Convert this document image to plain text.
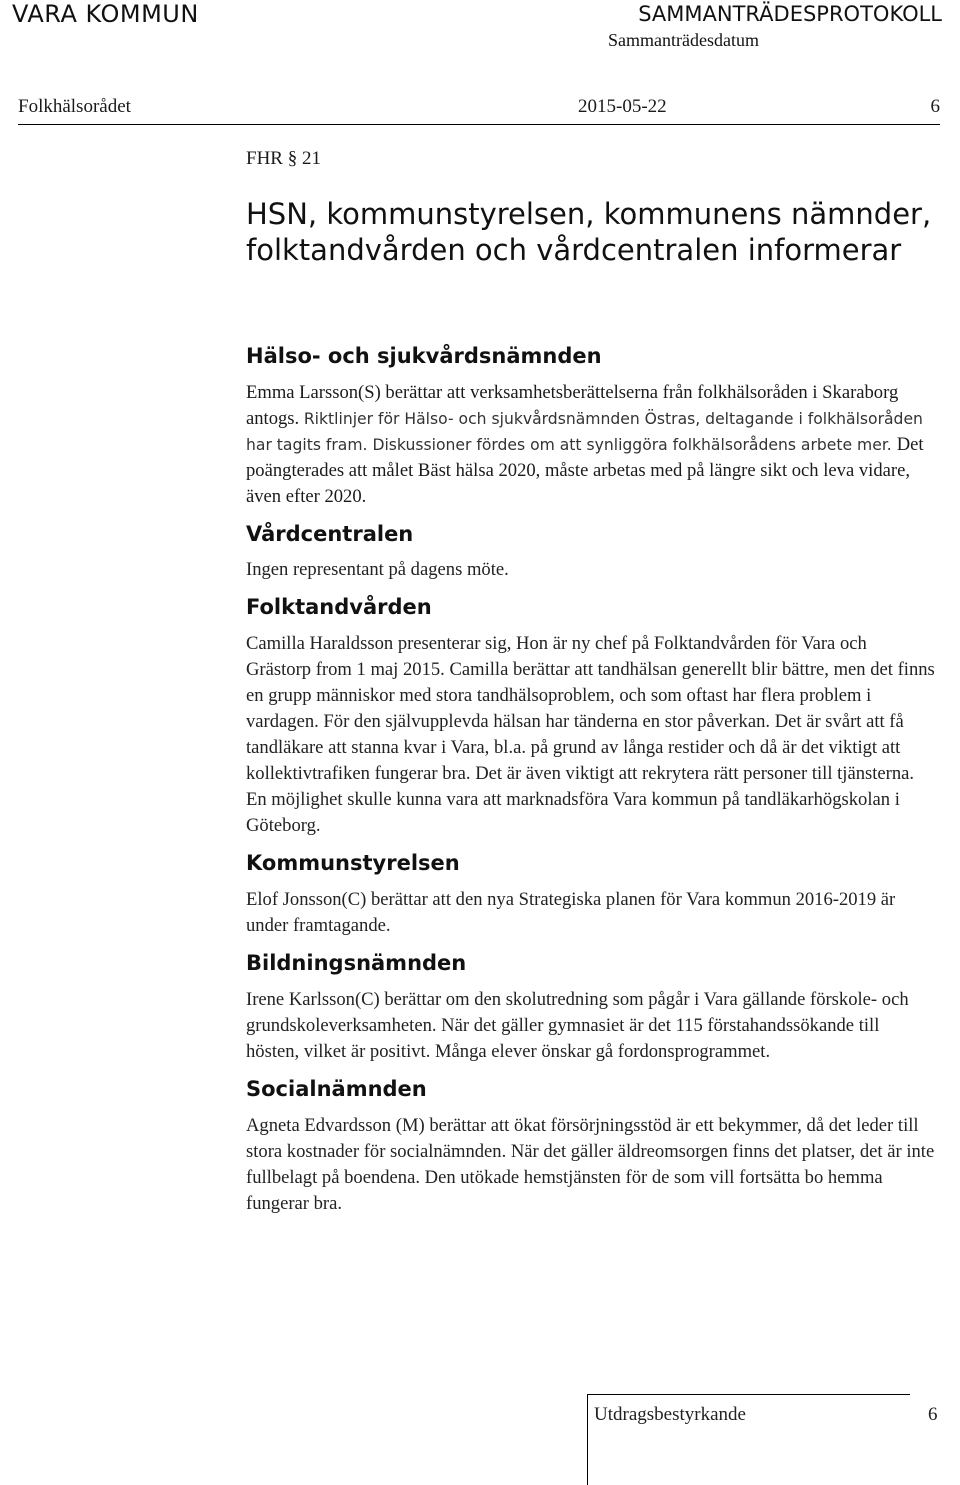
VARA KOMMUN	SAMMANTRÄDESPROTOKOLL
Sammanträdesdatum
Folkhälsorådet	2015-05-22	6
FHR § 21
HSN, kommunstyrelsen, kommunens nämnder, folktandvården och vårdcentralen informerar
Hälso- och sjukvårdsnämnden

Emma Larsson(S) berättar att verksamhetsberättelserna från folkhälsoråden i Skaraborg antogs. Riktlinjer för Hälso- och sjukvårdsnämnden Östras, deltagande i folkhälsoråden har tagits fram. Diskussioner fördes om att synliggöra folkhälsorådens arbete mer. Det poängterades att målet Bäst hälsa 2020, måste arbetas med på längre sikt och leva vidare, även efter 2020.

Vårdcentralen

Ingen representant på dagens möte.

Folktandvården

Camilla Haraldsson presenterar sig, Hon är ny chef på Folktandvården för Vara och Grästorp from 1 maj 2015. Camilla berättar att tandhälsan generellt blir bättre, men det finns en grupp människor med stora tandhälsoproblem, och som oftast har flera problem i vardagen. För den självupplevda hälsan har tänderna en stor påverkan. Det är svårt att få tandläkare att stanna kvar i Vara, bl.a. på grund av långa restider och då är det viktigt att kollektivtrafiken fungerar bra. Det är även viktigt att rekrytera rätt personer till tjänsterna. En möjlighet skulle kunna vara att marknadsföra Vara kommun på tandläkarhögskolan i Göteborg.

Kommunstyrelsen

Elof Jonsson(C) berättar att den nya Strategiska planen för Vara kommun 2016-2019 är under framtagande.

Bildningsnämnden

Irene Karlsson(C) berättar om den skolutredning som pågår i Vara gällande förskole- och grundskoleverksamheten. När det gäller gymnasiet är det 115 förstahandssökande till hösten, vilket är positivt. Många elever önskar gå fordonsprogrammet.

Socialnämnden

Agneta Edvardsson (M) berättar att ökat försörjningsstöd är ett bekymmer, då det leder till stora kostnader för socialnämnden. När det gäller äldreomsorgen finns det platser, det är inte fullbelagt på boendena. Den utökade hemstjänsten för de som vill fortsätta bo hemma fungerar bra.

Utdragsbestyrkande	6
